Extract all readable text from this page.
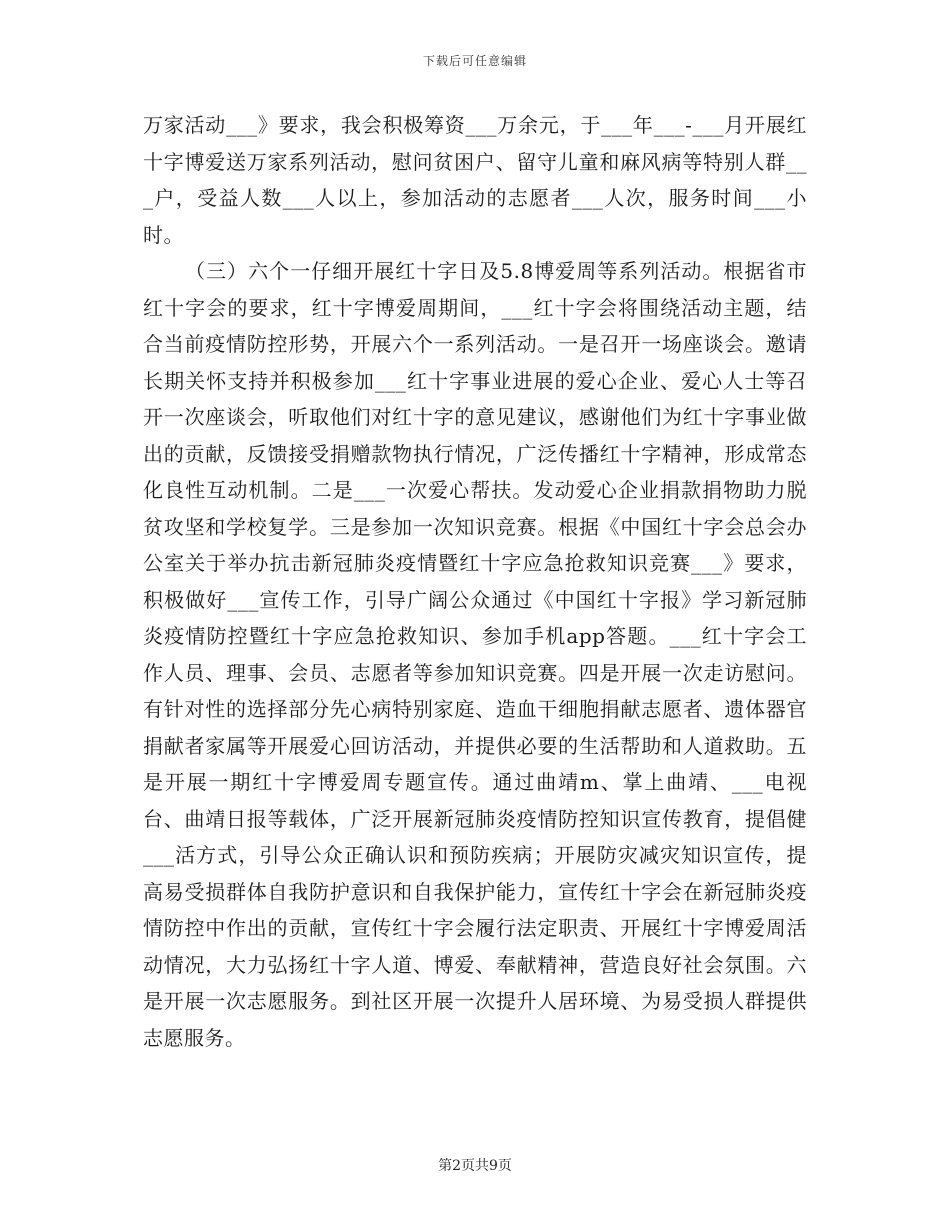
下载后可任意编辑

万家活动___》要求，我会积极筹资___万余元，于___年___-___月开展红十字博爱送万家系列活动，慰问贫困户、留守儿童和麻风病等特别人群___户，受益人数___人以上，参加活动的志愿者___人次，服务时间___小时。

（三）六个一仔细开展红十字日及5.8博爱周等系列活动。根据省市红十字会的要求，红十字博爱周期间，___红十字会将围绕活动主题，结合当前疫情防控形势，开展六个一系列活动。一是召开一场座谈会。邀请长期关怀支持并积极参加___红十字事业进展的爱心企业、爱心人士等召开一次座谈会，听取他们对红十字的意见建议，感谢他们为红十字事业做出的贡献，反馈接受捐赠款物执行情况，广泛传播红十字精神，形成常态化良性互动机制。二是___一次爱心帮扶。发动爱心企业捐款捐物助力脱贫攻坚和学校复学。三是参加一次知识竞赛。根据《中国红十字会总会办公室关于举办抗击新冠肺炎疫情暨红十字应急抢救知识竞赛___》要求，积极做好___宣传工作，引导广阔公众通过《中国红十字报》学习新冠肺炎疫情防控暨红十字应急抢救知识、参加手机app答题。___红十字会工作人员、理事、会员、志愿者等参加知识竞赛。四是开展一次走访慰问。有针对性的选择部分先心病特别家庭、造血干细胞捐献志愿者、遗体器官捐献者家属等开展爱心回访活动，并提供必要的生活帮助和人道救助。五是开展一期红十字博爱周专题宣传。通过曲靖m、掌上曲靖、___电视台、曲靖日报等载体，广泛开展新冠肺炎疫情防控知识宣传教育，提倡健___活方式，引导公众正确认识和预防疾病；开展防灾减灾知识宣传，提高易受损群体自我防护意识和自我保护能力，宣传红十字会在新冠肺炎疫情防控中作出的贡献，宣传红十字会履行法定职责、开展红十字博爱周活动情况，大力弘扬红十字人道、博爱、奉献精神，营造良好社会氛围。六是开展一次志愿服务。到社区开展一次提升人居环境、为易受损人群提供志愿服务。

第2页共9页
